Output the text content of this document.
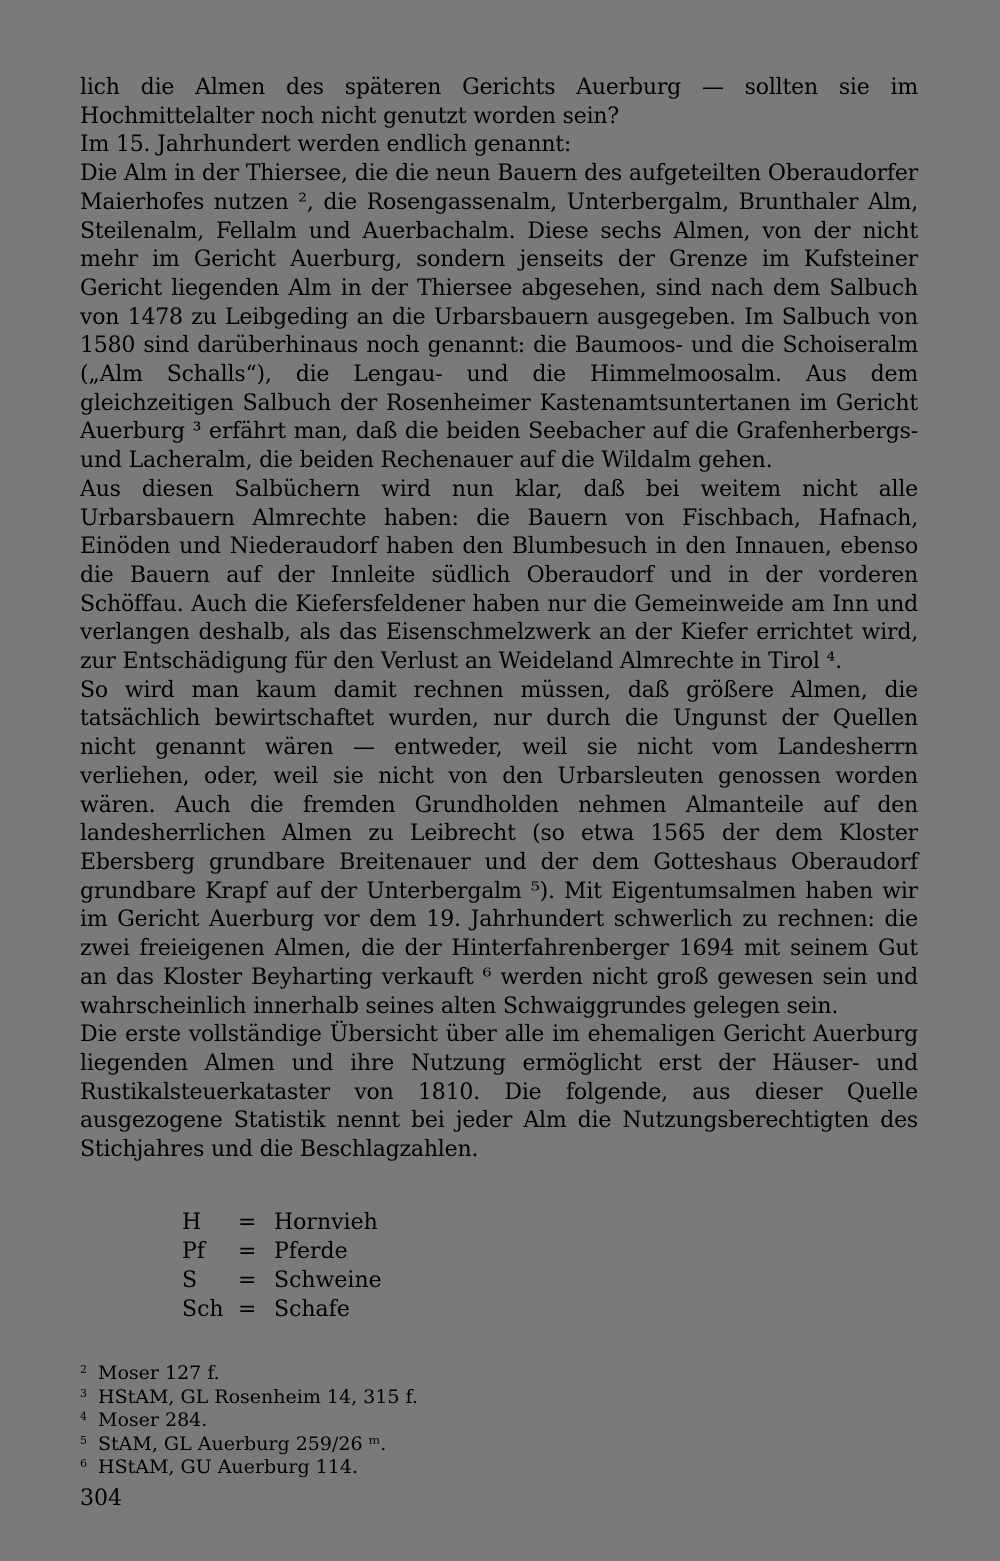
lich die Almen des späteren Gerichts Auerburg — sollten sie im Hochmittelalter noch nicht genutzt worden sein?

Im 15. Jahrhundert werden endlich genannt:

Die Alm in der Thiersee, die die neun Bauern des aufgeteilten Oberaudorfer Maierhofes nutzen ², die Rosengassenalm, Unterbergalm, Brunthaler Alm, Steilenalm, Fellalm und Auerbachalm. Diese sechs Almen, von der nicht mehr im Gericht Auerburg, sondern jenseits der Grenze im Kufsteiner Gericht liegenden Alm in der Thiersee abgesehen, sind nach dem Salbuch von 1478 zu Leibgeding an die Urbarsbauern ausgegeben. Im Salbuch von 1580 sind darüberhinaus noch genannt: die Baumoos- und die Schoiseralm („Alm Schalls“), die Lengau- und die Himmelmoosalm. Aus dem gleichzeitigen Salbuch der Rosenheimer Kastenamtsuntertanen im Gericht Auerburg ³ erfährt man, daß die beiden Seebacher auf die Grafenherbergs- und Lacheralm, die beiden Rechenauer auf die Wildalm gehen.

Aus diesen Salbüchern wird nun klar, daß bei weitem nicht alle Urbarsbauern Almrechte haben: die Bauern von Fischbach, Hafnach, Einöden und Niederaudorf haben den Blumbesuch in den Innauen, ebenso die Bauern auf der Innleite südlich Oberaudorf und in der vorderen Schöffau. Auch die Kiefersfeldener haben nur die Gemeinweide am Inn und verlangen deshalb, als das Eisenschmelzwerk an der Kiefer errichtet wird, zur Entschädigung für den Verlust an Weideland Almrechte in Tirol ⁴.

So wird man kaum damit rechnen müssen, daß größere Almen, die tatsächlich bewirtschaftet wurden, nur durch die Ungunst der Quellen nicht genannt wären — entweder, weil sie nicht vom Landesherrn verliehen, oder, weil sie nicht von den Urbarsleuten genossen worden wären. Auch die fremden Grundholden nehmen Almanteile auf den landesherrlichen Almen zu Leibrecht (so etwa 1565 der dem Kloster Ebersberg grundbare Breitenauer und der dem Gotteshaus Oberaudorf grundbare Krapf auf der Unterbergalm ⁵). Mit Eigentumsalmen haben wir im Gericht Auerburg vor dem 19. Jahrhundert schwerlich zu rechnen: die zwei freieigenen Almen, die der Hinterfahrenberger 1694 mit seinem Gut an das Kloster Beyharting verkauft ⁶ werden nicht groß gewesen sein und wahrscheinlich innerhalb seines alten Schwaiggrundes gelegen sein.

Die erste vollständige Übersicht über alle im ehemaligen Gericht Auerburg liegenden Almen und ihre Nutzung ermöglicht erst der Häuser- und Rustikalsteuerkataster von 1810. Die folgende, aus dieser Quelle ausgezogene Statistik nennt bei jeder Alm die Nutzungsberechtigten des Stichjahres und die Beschlagzahlen.

H	= Hornvieh
Pf	= Pferde
S	= Schweine
Sch = Schafe
2 Moser 127 f.
3 HStAM, GL Rosenheim 14, 315 f.
4 Moser 284.
5 StAM, GL Auerburg 259/26 ᵐ.
6 HStAM, GU Auerburg 114.
304
